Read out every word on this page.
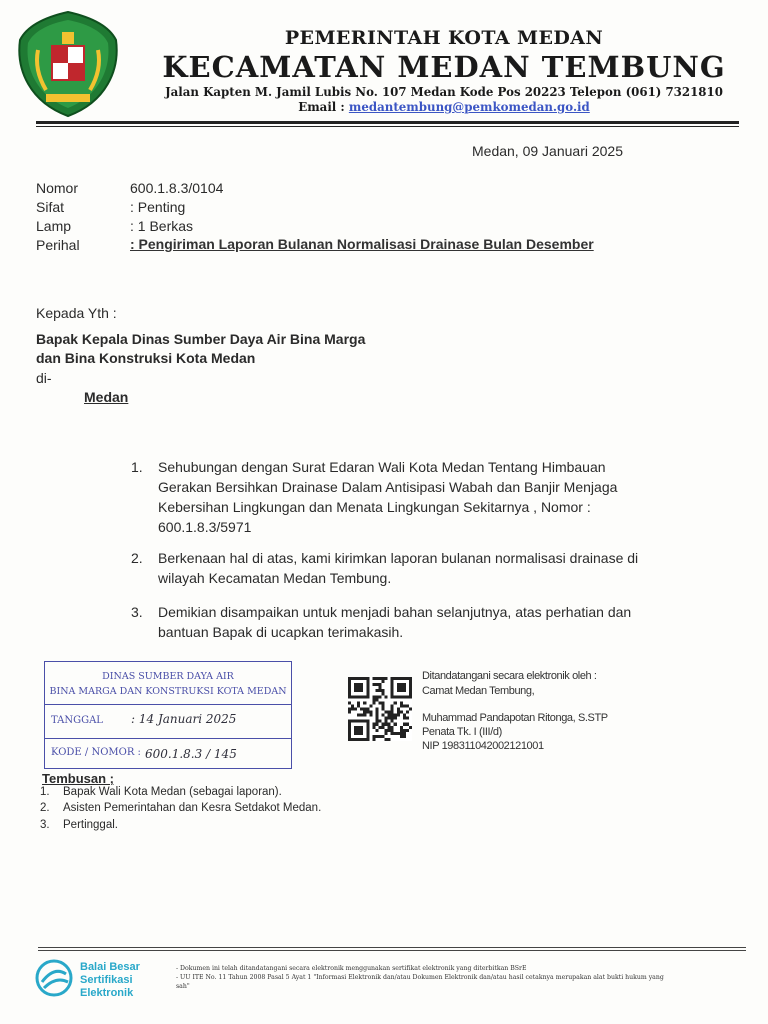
PEMERINTAH KOTA MEDAN
KECAMATAN MEDAN TEMBUNG
Jalan Kapten M. Jamil Lubis No. 107 Medan Kode Pos 20223 Telepon (061) 7321810
Email : medantembung@pemkomedan.go.id
Medan, 09 Januari 2025
Nomor	600.1.8.3/0104
Sifat	: Penting
Lamp	: 1 Berkas
Perihal	: Pengiriman Laporan Bulanan Normalisasi Drainase Bulan Desember
Kepada Yth :
Bapak Kepala Dinas Sumber Daya Air Bina Marga
dan Bina Konstruksi Kota Medan
di-
Medan
1. Sehubungan dengan Surat Edaran Wali Kota Medan Tentang Himbauan
Gerakan Bersihkan Drainase Dalam Antisipasi Wabah dan Banjir Menjaga
Kebersihan Lingkungan dan Menata Lingkungan Sekitarnya , Nomor :
600.1.8.3/5971
2. Berkenaan hal di atas, kami kirimkan laporan bulanan normalisasi drainase di
wilayah Kecamatan Medan Tembung.
3. Demikian disampaikan untuk menjadi bahan selanjutnya, atas perhatian dan
bantuan Bapak di ucapkan terimakasih.
DINAS SUMBER DAYA AIR
BINA MARGA DAN KONSTRUKSI KOTA MEDAN
TANGGAL : 14 Januari 2025
KODE / NOMOR : 600.1.8.3 / 145
Ditandatangani secara elektronik oleh :
Camat Medan Tembung,
Muhammad Pandapotan Ritonga, S.STP
Penata Tk. I (III/d)
NIP 198311042002121001
Tembusan ;
1. Bapak Wali Kota Medan (sebagai laporan).
2. Asisten Pemerintahan dan Kesra Setdakot Medan.
3. Pertinggal.
Balai Besar
Sertifikasi
Elektronik
- Dokumen ini telah ditandatangani secara elektronik menggunakan sertifikat elektronik yang diterbitkan BSrE
- UU ITE No. 11 Tahun 2008 Pasal 5 Ayat 1 "Informasi Elektronik dan/atau Dokumen Elektronik dan/atau hasil cetaknya merupakan alat bukti hukum yang
sah"
